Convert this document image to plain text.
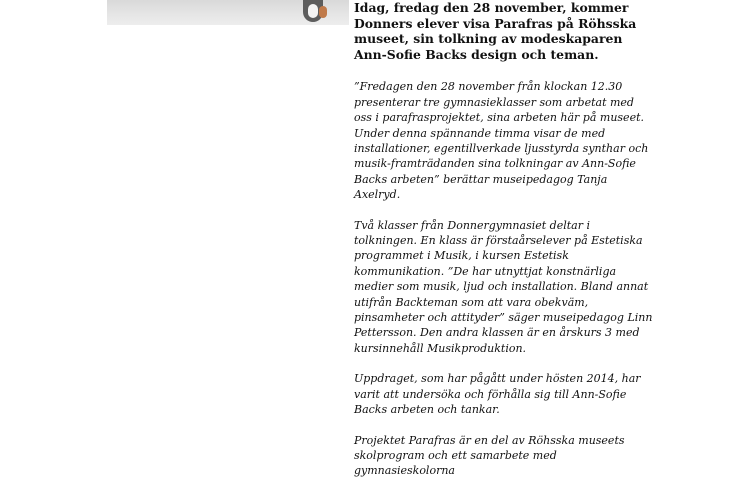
Idag, fredag den 28 november, kommer Donners elever visa Parafras på Röhsska museet, sin tolkning av modeskaparen Ann-Sofie Backs design och teman.

”Fredagen den 28 november från klockan 12.30 presenterar tre gymnasieklasser som arbetat med oss i parafrasprojektet, sina arbeten här på museet. Under denna spännande timma visar de med installationer, egentillverkade ljusstyrda synthar och musik-framträdanden sina tolkningar av Ann-Sofie Backs arbeten” berättar museipedagog Tanja Axelryd.

Två klasser från Donnergymnasiet deltar i tolkningen. En klass är förstaårselever på Estetiska programmet i Musik, i kursen Estetisk kommunikation. ”De har utnyttjat konstnärliga medier som musik, ljud och installation. Bland annat utifrån Backteman som att vara obekväm, pinsamheter och attityder” säger museipedagog Linn Pettersson. Den andra klassen är en årskurs 3 med kursinnehåll Musikproduktion.

Uppdraget, som har pågått under hösten 2014, har varit att undersöka och förhålla sig till Ann-Sofie Backs arbeten och tankar.

Projektet Parafras är en del av Röhsska museets skolprogram och ett samarbete med gymnasieskolorna
